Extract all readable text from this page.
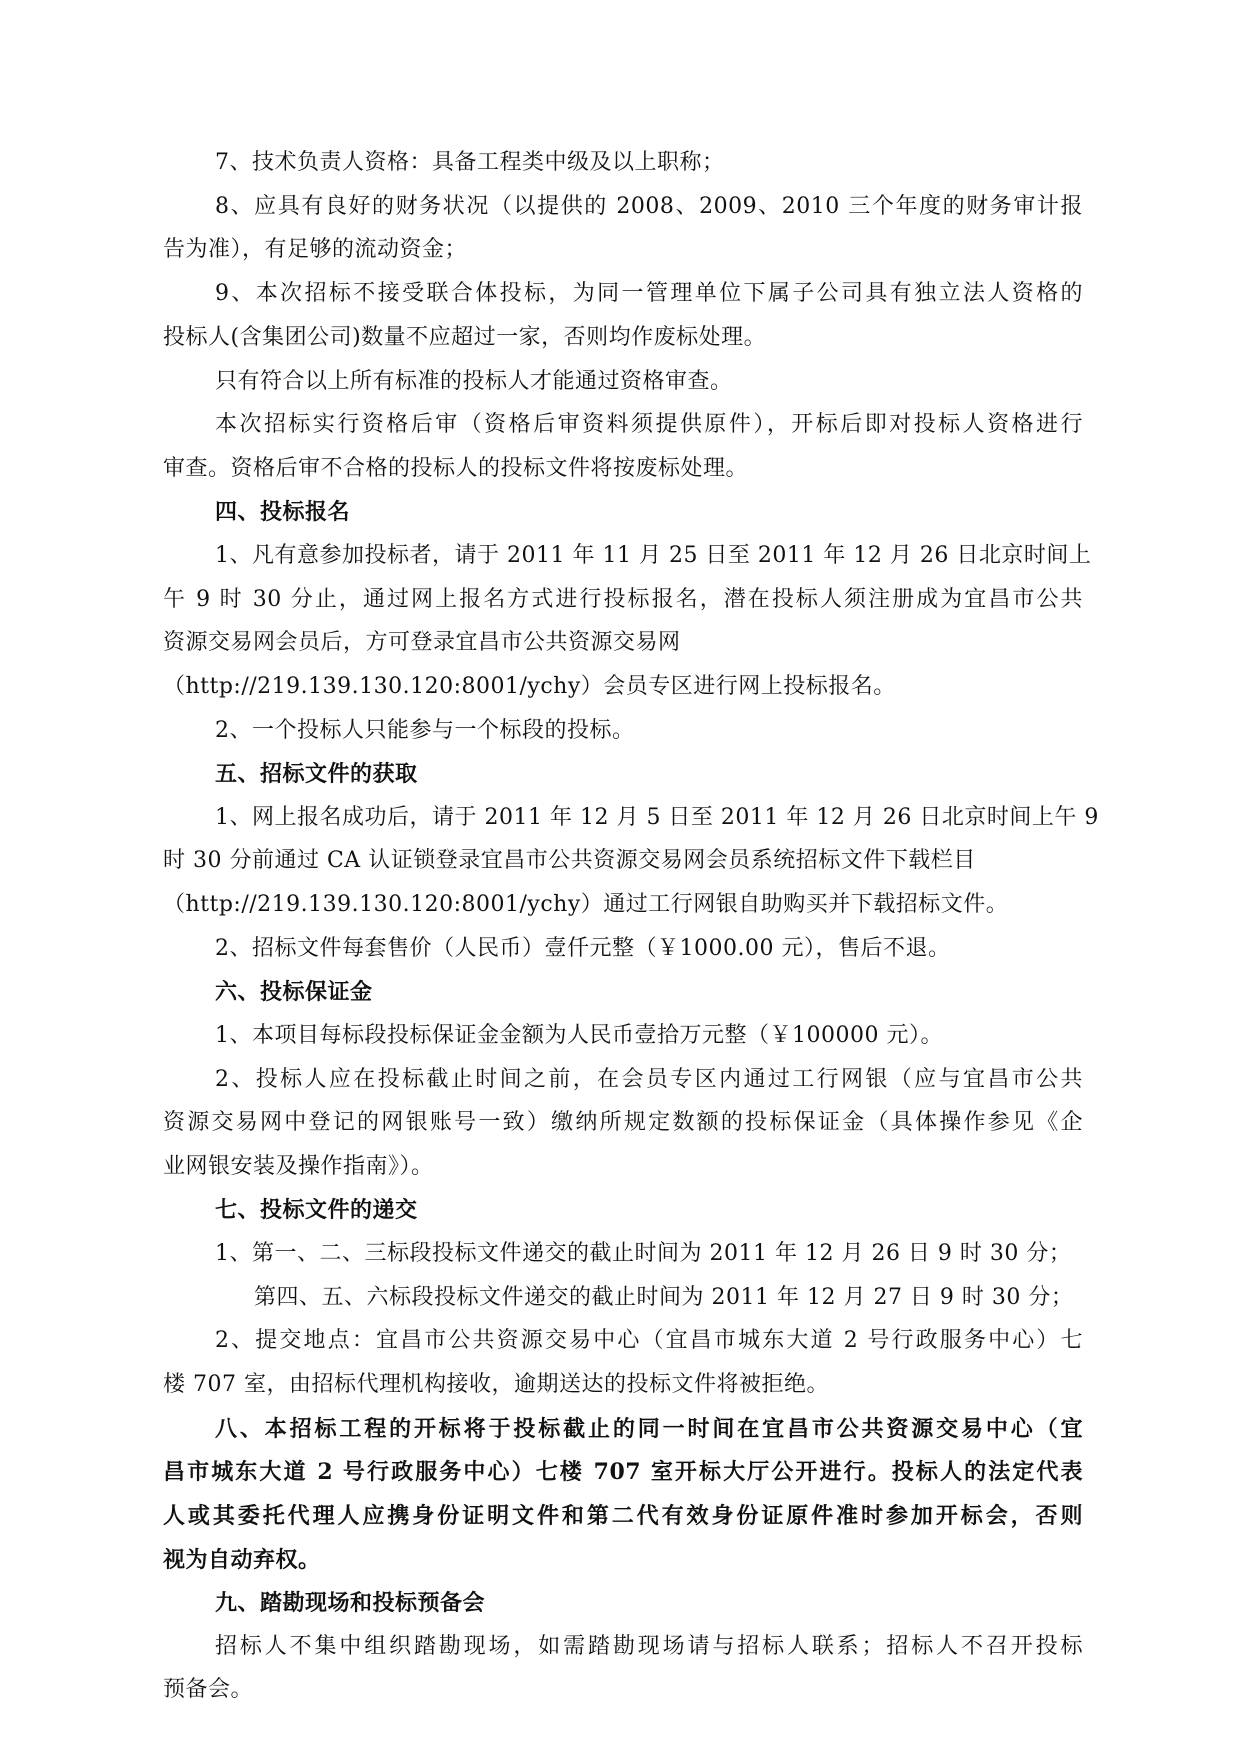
7、技术负责人资格：具备工程类中级及以上职称；
8、应具有良好的财务状况（以提供的 2008、2009、2010 三个年度的财务审计报
告为准），有足够的流动资金；
9、本次招标不接受联合体投标，为同一管理单位下属子公司具有独立法人资格的
投标人(含集团公司)数量不应超过一家，否则均作废标处理。
只有符合以上所有标准的投标人才能通过资格审查。
本次招标实行资格后审（资格后审资料须提供原件），开标后即对投标人资格进行
审查。资格后审不合格的投标人的投标文件将按废标处理。
四、投标报名
1、凡有意参加投标者，请于 2011 年 11 月 25 日至 2011 年 12 月 26 日北京时间上
午 9 时 30 分止，通过网上报名方式进行投标报名，潜在投标人须注册成为宜昌市公共
资源交易网会员后，方可登录宜昌市公共资源交易网
（http://219.139.130.120:8001/ychy）会员专区进行网上投标报名。
2、一个投标人只能参与一个标段的投标。
五、招标文件的获取
1、网上报名成功后，请于 2011 年 12 月 5 日至 2011 年 12 月 26 日北京时间上午 9
时 30 分前通过 CA 认证锁登录宜昌市公共资源交易网会员系统招标文件下载栏目
（http://219.139.130.120:8001/ychy）通过工行网银自助购买并下载招标文件。
2、招标文件每套售价（人民币）壹仟元整（￥1000.00 元），售后不退。
六、投标保证金
1、本项目每标段投标保证金金额为人民币壹拾万元整（￥100000 元）。
2、投标人应在投标截止时间之前，在会员专区内通过工行网银（应与宜昌市公共
资源交易网中登记的网银账号一致）缴纳所规定数额的投标保证金（具体操作参见《企
业网银安装及操作指南》）。
七、投标文件的递交
1、第一、二、三标段投标文件递交的截止时间为 2011 年 12 月 26 日 9 时 30 分；
第四、五、六标段投标文件递交的截止时间为 2011 年 12 月 27 日 9 时 30 分；
2、提交地点：宜昌市公共资源交易中心（宜昌市城东大道 2 号行政服务中心）七
楼 707 室，由招标代理机构接收，逾期送达的投标文件将被拒绝。
八、本招标工程的开标将于投标截止的同一时间在宜昌市公共资源交易中心（宜
昌市城东大道 2 号行政服务中心）七楼 707 室开标大厅公开进行。投标人的法定代表
人或其委托代理人应携身份证明文件和第二代有效身份证原件准时参加开标会，否则
视为自动弃权。
九、踏勘现场和投标预备会
招标人不集中组织踏勘现场，如需踏勘现场请与招标人联系；招标人不召开投标
预备会。
